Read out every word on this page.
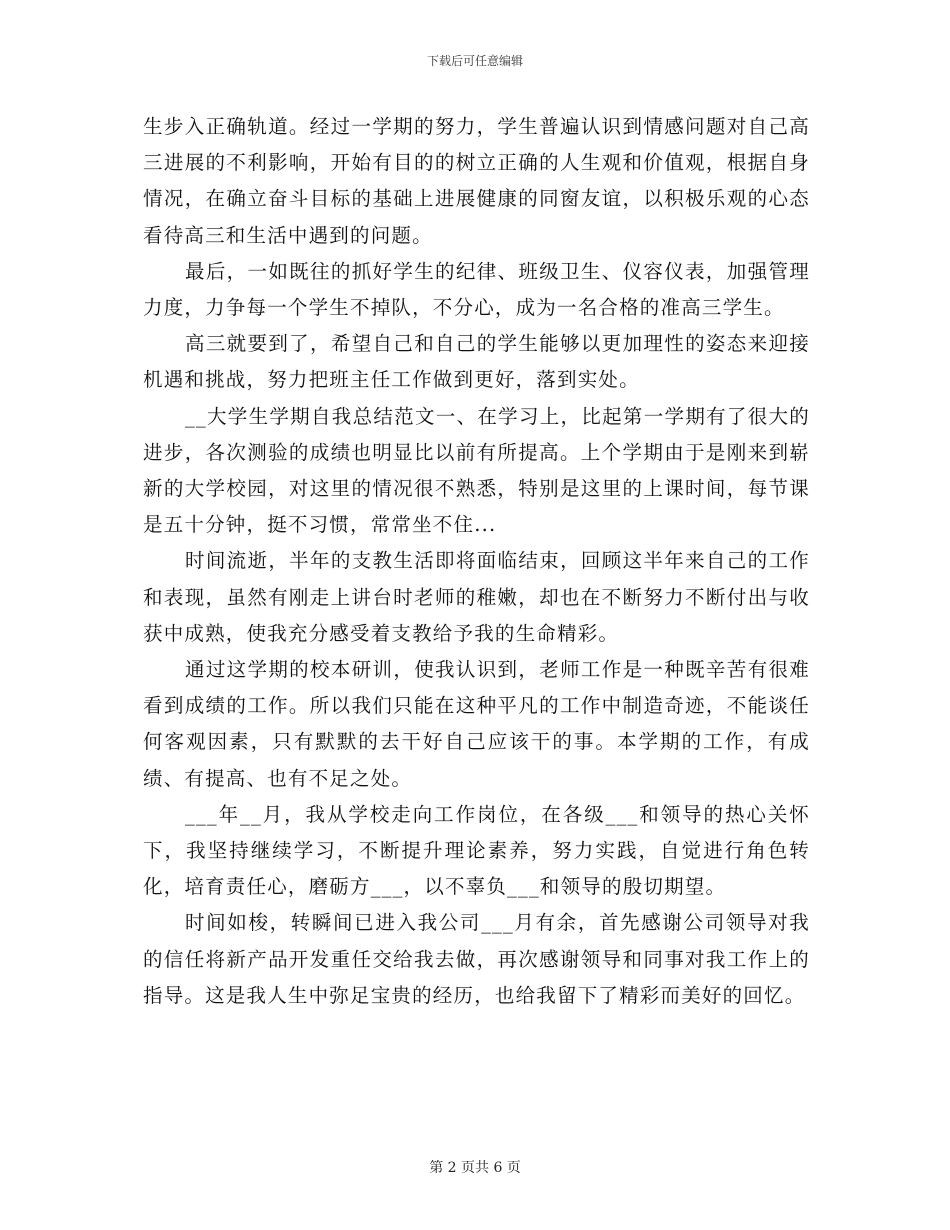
下载后可任意编辑

生步入正确轨道。经过一学期的努力，学生普遍认识到情感问题对自己高三进展的不利影响，开始有目的的树立正确的人生观和价值观，根据自身情况，在确立奋斗目标的基础上进展健康的同窗友谊，以积极乐观的心态看待高三和生活中遇到的问题。

最后，一如既往的抓好学生的纪律、班级卫生、仪容仪表，加强管理力度，力争每一个学生不掉队，不分心，成为一名合格的准高三学生。

高三就要到了，希望自己和自己的学生能够以更加理性的姿态来迎接机遇和挑战，努力把班主任工作做到更好，落到实处。

__大学生学期自我总结范文一、在学习上，比起第一学期有了很大的进步，各次测验的成绩也明显比以前有所提高。上个学期由于是刚来到崭新的大学校园，对这里的情况很不熟悉，特别是这里的上课时间，每节课是五十分钟，挺不习惯，常常坐不住...

时间流逝，半年的支教生活即将面临结束，回顾这半年来自己的工作和表现，虽然有刚走上讲台时老师的稚嫩，却也在不断努力不断付出与收获中成熟，使我充分感受着支教给予我的生命精彩。

通过这学期的校本研训，使我认识到，老师工作是一种既辛苦有很难看到成绩的工作。所以我们只能在这种平凡的工作中制造奇迹，不能谈任何客观因素，只有默默的去干好自己应该干的事。本学期的工作，有成绩、有提高、也有不足之处。

___年__月，我从学校走向工作岗位，在各级___和领导的热心关怀下，我坚持继续学习，不断提升理论素养，努力实践，自觉进行角色转化，培育责任心，磨砺方___，以不辜负___和领导的殷切期望。

时间如梭，转瞬间已进入我公司___月有余，首先感谢公司领导对我的信任将新产品开发重任交给我去做，再次感谢领导和同事对我工作上的指导。这是我人生中弥足宝贵的经历，也给我留下了精彩而美好的回忆。

第 2 页共 6 页
